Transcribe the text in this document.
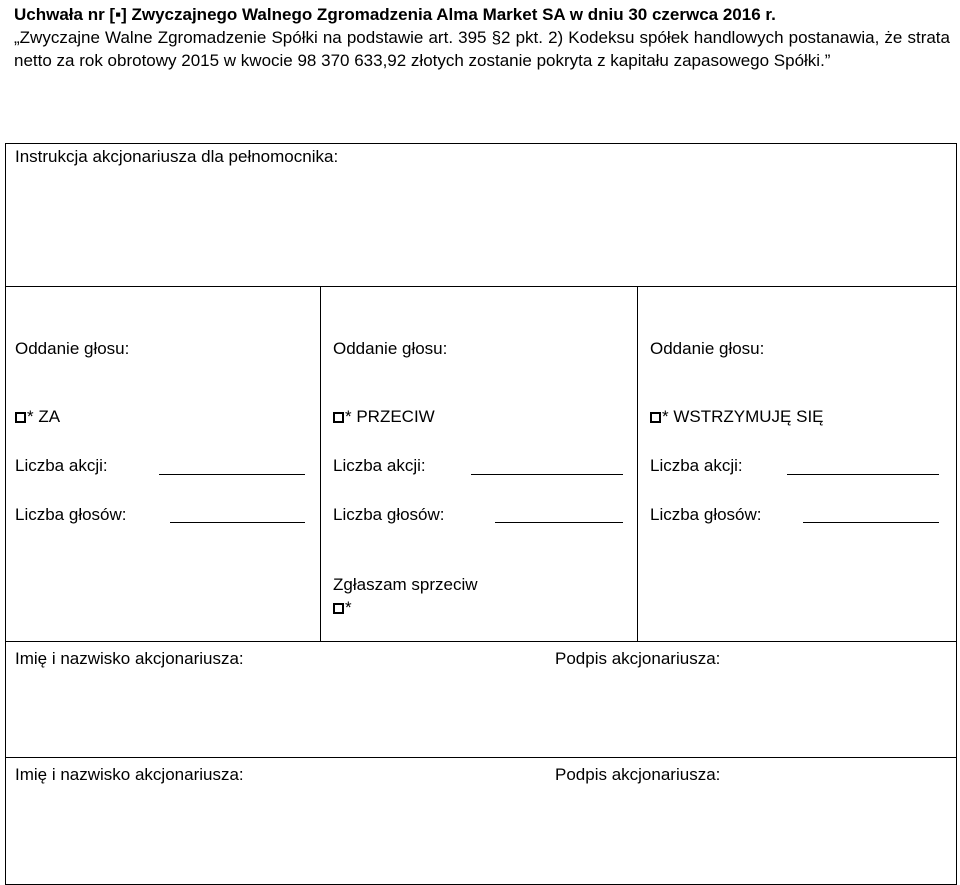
Uchwała nr [▪] Zwyczajnego Walnego Zgromadzenia Alma Market SA w dniu 30 czerwca 2016 r.
„Zwyczajne Walne Zgromadzenie Spółki na podstawie art. 395 §2 pkt. 2) Kodeksu spółek handlowych postanawia, że strata netto za rok obrotowy 2015 w kwocie 98 370 633,92 złotych zostanie pokryta z kapitału zapasowego Spółki.”
Instrukcja akcjonariusza dla pełnomocnika:
Oddanie głosu:
* ZA
Liczba akcji:
Liczba głosów:
Oddanie głosu:
* PRZECIW
Liczba akcji:
Liczba głosów:
Oddanie głosu:
* WSTRZYMUJĘ SIĘ
Liczba akcji:
Liczba głosów:
Zgłaszam sprzeciw
*
Imię i nazwisko akcjonariusza:	Podpis akcjonariusza:
Imię i nazwisko akcjonariusza:	Podpis akcjonariusza:
